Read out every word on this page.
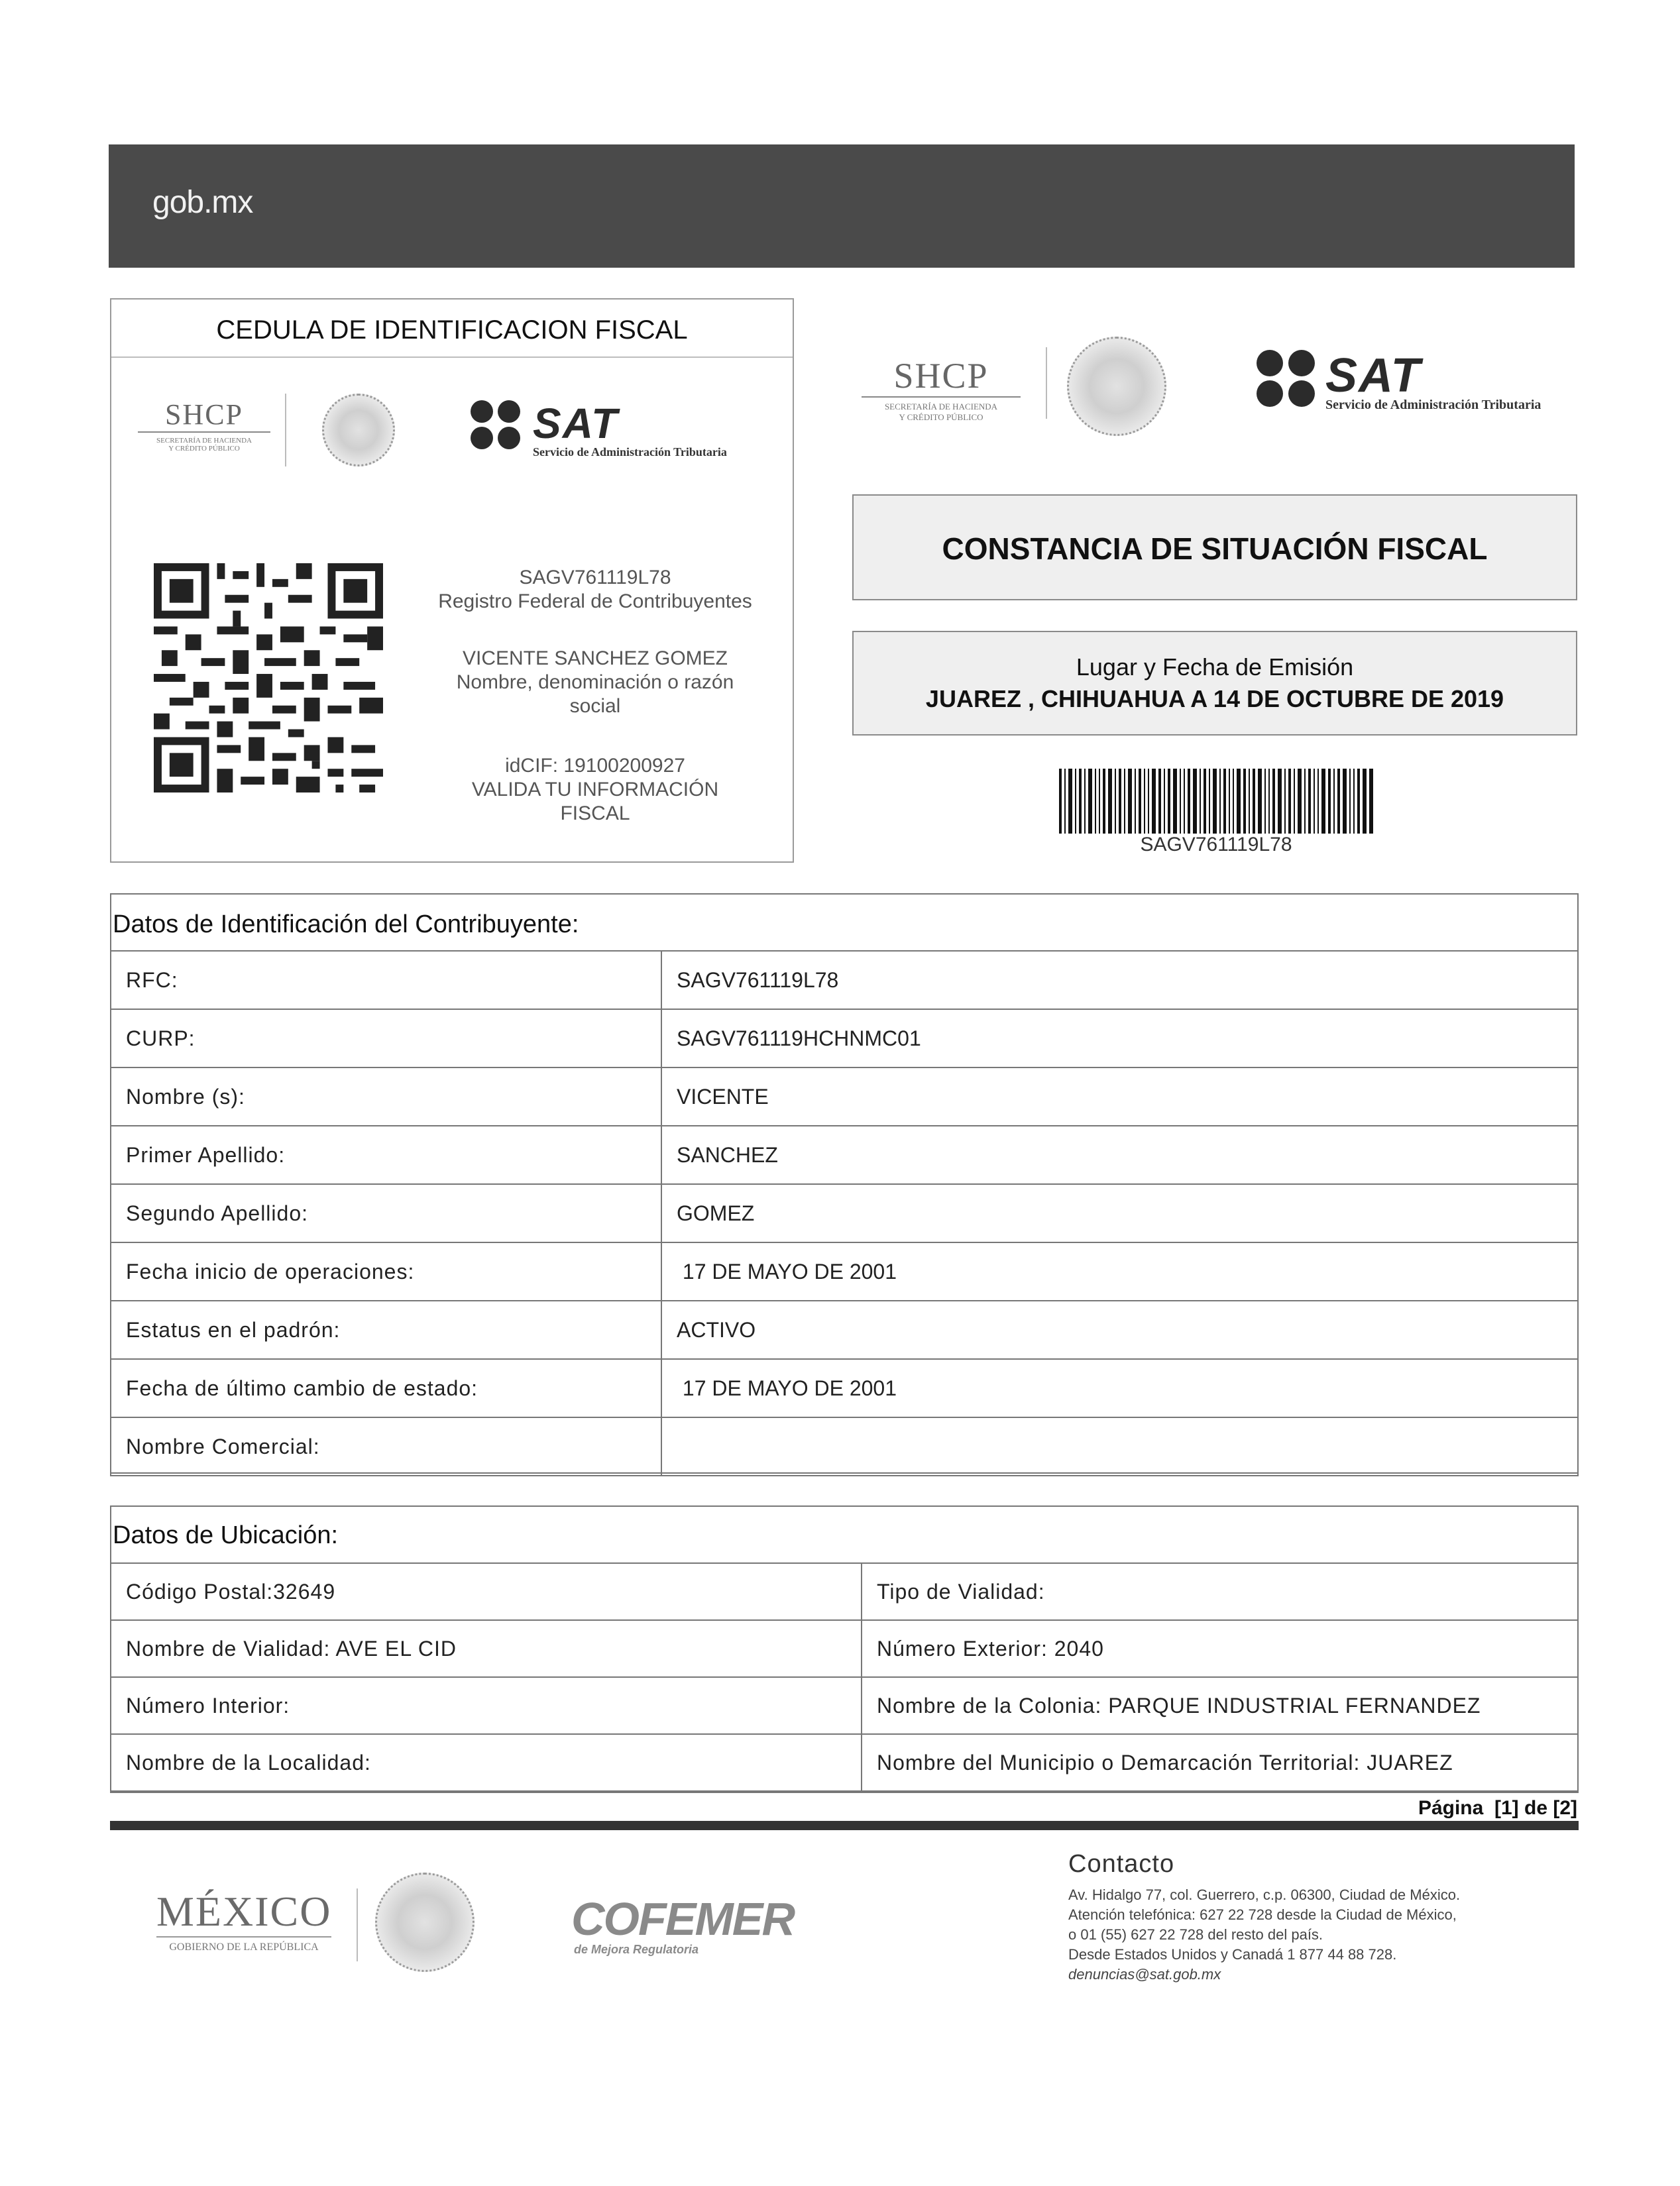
gob.mx
CEDULA DE IDENTIFICACION FISCAL
SHCP
SECRETARÍA DE HACIENDA
Y CRÉDITO PÚBLICO
SAT
Servicio de Administración Tributaria
SAGV761119L78
Registro Federal de Contribuyentes
VICENTE SANCHEZ GOMEZ
Nombre, denominación o razón
social
idCIF: 19100200927
VALIDA TU INFORMACIÓN
FISCAL
SHCP
SECRETARÍA DE HACIENDA
Y CRÉDITO PÚBLICO
SAT
Servicio de Administración Tributaria
CONSTANCIA DE SITUACIÓN FISCAL
Lugar y Fecha de Emisión
JUAREZ , CHIHUAHUA A 14 DE OCTUBRE DE 2019
SAGV761119L78
Datos de Identificación del Contribuyente:
RFC:	SAGV761119L78
CURP:	SAGV761119HCHNMC01
Nombre (s):	VICENTE
Primer Apellido:	SANCHEZ
Segundo Apellido:	GOMEZ
Fecha inicio de operaciones:	17 DE MAYO DE 2001
Estatus en el padrón:	ACTIVO
Fecha de último cambio de estado:	17 DE MAYO DE 2001
Nombre Comercial:	
Datos de Ubicación:
Código Postal:32649	Tipo de Vialidad:
Nombre de Vialidad: AVE EL CID	Número Exterior: 2040
Número Interior:	Nombre de la Colonia: PARQUE INDUSTRIAL FERNANDEZ
Nombre de la Localidad:	Nombre del Municipio o Demarcación Territorial: JUAREZ
Página  [1] de [2]
MÉXICO
GOBIERNO DE LA REPÚBLICA
COFEMER
de Mejora Regulatoria
Contacto
Av. Hidalgo 77, col. Guerrero, c.p. 06300, Ciudad de México.
Atención telefónica: 627 22 728 desde la Ciudad de México,
o 01 (55) 627 22 728 del resto del país.
Desde Estados Unidos y Canadá 1 877 44 88 728.
denuncias@sat.gob.mx
